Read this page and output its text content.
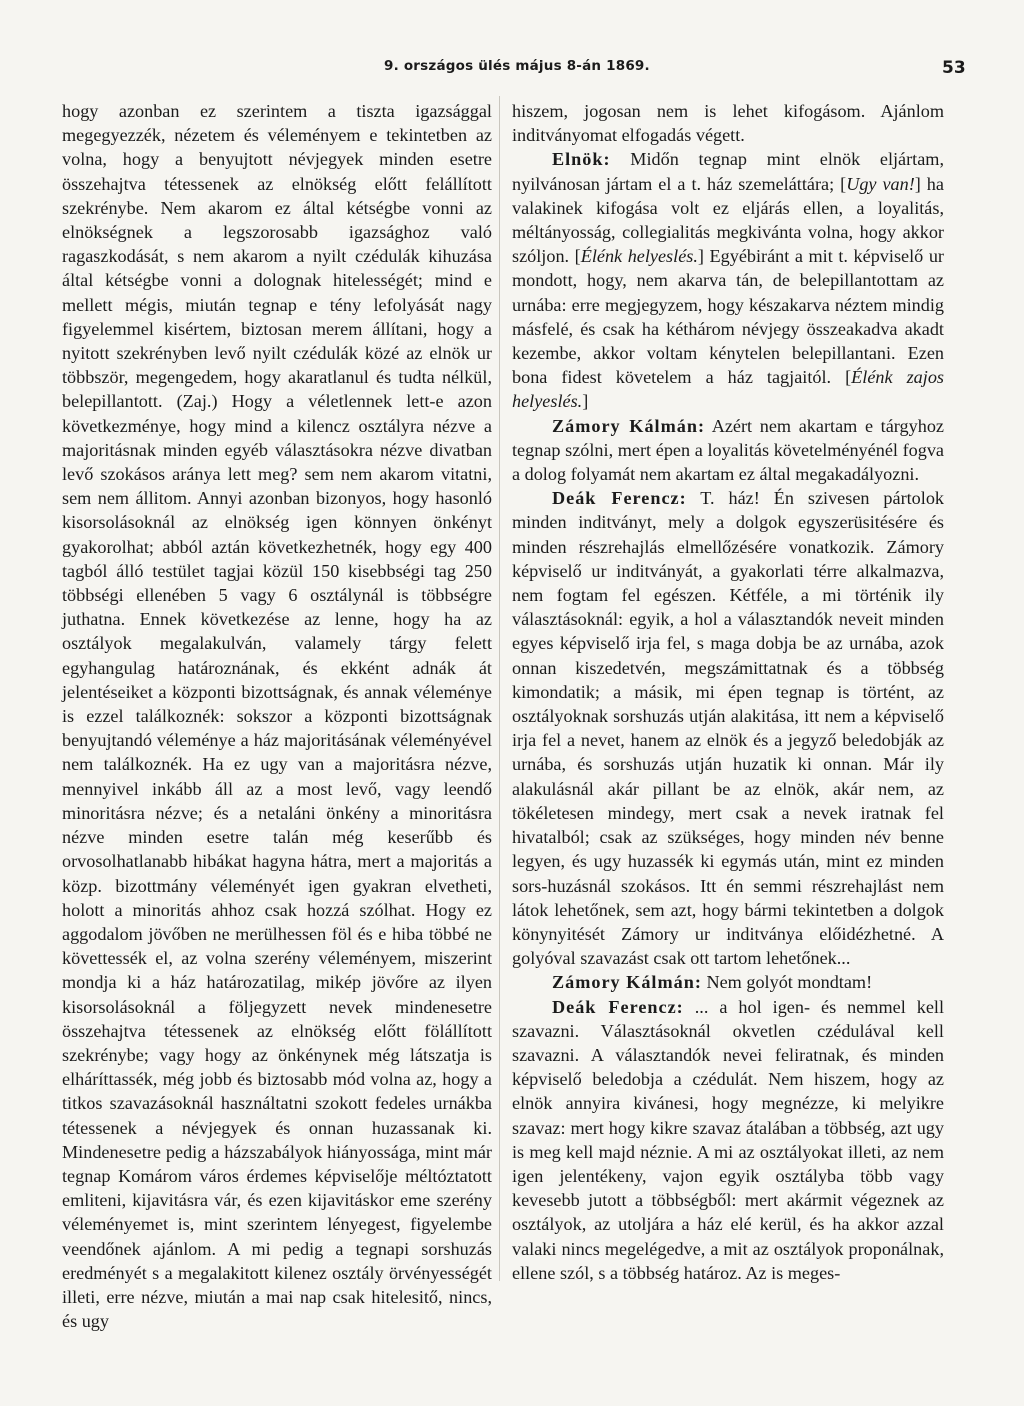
9. országos ülés május 8-án 1869.	53

hogy azonban ez szerintem a tiszta igazsággal megegyezzék, nézetem és véleményem e tekintetben az volna, hogy a benyujtott névjegyek minden esetre összehajtva tétessenek az elnökség előtt felállított szekrénybe. Nem akarom ez által kétségbe vonni az elnökségnek a legszorosabb igazsághoz való ragaszkodását, s nem akarom a nyilt czédulák kihuzása által kétségbe vonni a dolognak hitelességét; mind e mellett mégis, miután tegnap e tény lefolyását nagy figyelemmel kisértem, biztosan merem állítani, hogy a nyitott szekrényben levő nyilt czédulák közé az elnök ur többször, megengedem, hogy akaratlanul és tudta nélkül, belepillantott. (Zaj.) Hogy a véletlennek lett-e azon következménye, hogy mind a kilencz osztályra nézve a majoritásnak minden egyéb választásokra nézve divatban levő szokásos aránya lett meg? sem nem akarom vitatni, sem nem állitom. Annyi azonban bizonyos, hogy hasonló kisorsolásoknál az elnökség igen könnyen önkényt gyakorolhat; abból aztán következhetnék, hogy egy 400 tagból álló testület tagjai közül 150 kisebbségi tag 250 többségi ellenében 5 vagy 6 osztálynál is többségre juthatna. Ennek következése az lenne, hogy ha az osztályok megalakulván, valamely tárgy felett egyhangulag határoznának, és ekként adnák át jelentéseiket a központi bizottságnak, és annak véleménye is ezzel találkoznék: sokszor a központi bizottságnak benyujtandó véleménye a ház majoritásának véleményével nem találkoznék. Ha ez ugy van a majoritásra nézve, mennyivel inkább áll az a most levő, vagy leendő minoritásra nézve; és a netaláni önkény a minoritásra nézve minden esetre talán még keserűbb és orvosolhatlanabb hibákat hagyna hátra, mert a majoritás a közp. bizottmány véleményét igen gyakran elvetheti, holott a minoritás ahhoz csak hozzá szólhat. Hogy ez aggodalom jövőben ne merülhessen föl és e hiba többé ne követtessék el, az volna szerény véleményem, miszerint mondja ki a ház határozatilag, mikép jövőre az ilyen kisorsolásoknál a följegyzett nevek mindenesetre összehajtva tétessenek az elnökség előtt fölállított szekrénybe; vagy hogy az önkénynek még látszatja is elháríttassék, még jobb és biztosabb mód volna az, hogy a titkos szavazásoknál használtatni szokott fedeles urnákba tétessenek a névjegyek és onnan huzassanak ki. Mindenesetre pedig a házszabályok hiányossága, mint már tegnap Komárom város érdemes képviselője méltóztatott emliteni, kijavitásra vár, és ezen kijavitáskor eme szerény véleményemet is, mint szerintem lényegest, figyelembe veendőnek ajánlom. A mi pedig a tegnapi sorshuzás eredményét s a megalakitott kilenez osztály örvényességét illeti, erre nézve, miután a mai nap csak hitelesitő, nincs, és ugy

hiszem, jogosan nem is lehet kifogásom. Ajánlom inditványomat elfogadás végett.

Elnök: Midőn tegnap mint elnök eljártam, nyilvánosan jártam el a t. ház szemeláttára; [Ugy van!] ha valakinek kifogása volt ez eljárás ellen, a loyalitás, méltányosság, collegialitás megkivánta volna, hogy akkor szóljon. [Élénk helyeslés.] Egyébiránt a mit t. képviselő ur mondott, hogy, nem akarva tán, de belepillantottam az urnába: erre megjegyzem, hogy készakarva néztem mindig másfelé, és csak ha kéthárom névjegy összeakadva akadt kezembe, akkor voltam kénytelen belepillantani. Ezen bona fidest követelem a ház tagjaitól. [Élénk zajos helyeslés.]

Zámory Kálmán: Azért nem akartam e tárgyhoz tegnap szólni, mert épen a loyalitás követelményénél fogva a dolog folyamát nem akartam ez által megakadályozni.

Deák Ferencz: T. ház! Én szivesen pártolok minden inditványt, mely a dolgok egyszerüsitésére és minden részrehajlás elmellőzésére vonatkozik. Zámory képviselő ur inditványát, a gyakorlati térre alkalmazva, nem fogtam fel egészen. Kétféle, a mi történik ily választásoknál: egyik, a hol a választandók neveit minden egyes képviselő irja fel, s maga dobja be az urnába, azok onnan kiszedetvén, megszámittatnak és a többség kimondatik; a másik, mi épen tegnap is történt, az osztályoknak sorshuzás utján alakitása, itt nem a képviselő irja fel a nevet, hanem az elnök és a jegyző beledobják az urnába, és sorshuzás utján huzatik ki onnan. Már ily alakulásnál akár pillant be az elnök, akár nem, az tökéletesen mindegy, mert csak a nevek iratnak fel hivatalból; csak az szükséges, hogy minden név benne legyen, és ugy huzassék ki egymás után, mint ez minden sors-huzásnál szokásos. Itt én semmi részrehajlást nem látok lehetőnek, sem azt, hogy bármi tekintetben a dolgok könynyitését Zámory ur inditványa előidézhetné. A golyóval szavazást csak ott tartom lehetőnek...

Zámory Kálmán: Nem golyót mondtam!

Deák Ferencz: ... a hol igen- és nemmel kell szavazni. Választásoknál okvetlen czédulával kell szavazni. A választandók nevei feliratnak, és minden képviselő beledobja a czédulát. Nem hiszem, hogy az elnök annyira kivánesi, hogy megnézze, ki melyikre szavaz: mert hogy kikre szavaz átalában a többség, azt ugy is meg kell majd néznie. A mi az osztályokat illeti, az nem igen jelentékeny, vajon egyik osztályba több vagy kevesebb jutott a többségből: mert akármit végeznek az osztályok, az utoljára a ház elé kerül, és ha akkor azzal valaki nincs megelégedve, a mit az osztályok proponálnak, ellene szól, s a többség határoz. Az is meges-
